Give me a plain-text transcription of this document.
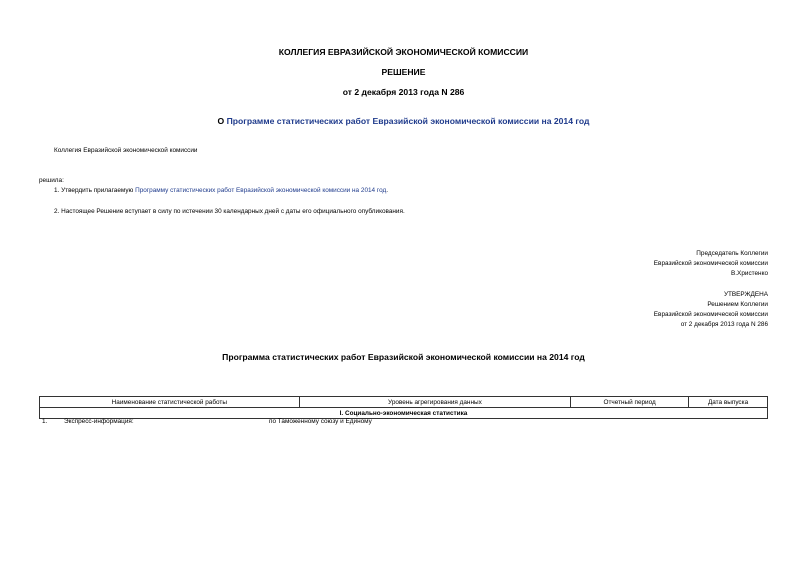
КОЛЛЕГИЯ ЕВРАЗИЙСКОЙ ЭКОНОМИЧЕСКОЙ КОМИССИИ
РЕШЕНИЕ
от 2 декабря 2013 года N 286
О Программе статистических работ Евразийской экономической комиссии на 2014 год
Коллегия Евразийской экономической комиссии
решила:
1. Утвердить прилагаемую Программу статистических работ Евразийской экономической комиссии на 2014 год.
2. Настоящее Решение вступает в силу по истечении 30 календарных дней с даты его официального опубликования.
Председатель Коллегии
Евразийской экономической комиссии
В.Христенко
УТВЕРЖДЕНА
Решением Коллегии
Евразийской экономической комиссии
от 2 декабря 2013 года N 286
Программа статистических работ Евразийской экономической комиссии на 2014 год
Наименование статистической работы	Уровень агрегирования данных	Отчетный период	Дата выпуска
I. Социально-экономическая статистика
1.	Экспресс-информация:	по Таможенному союзу и Единому
